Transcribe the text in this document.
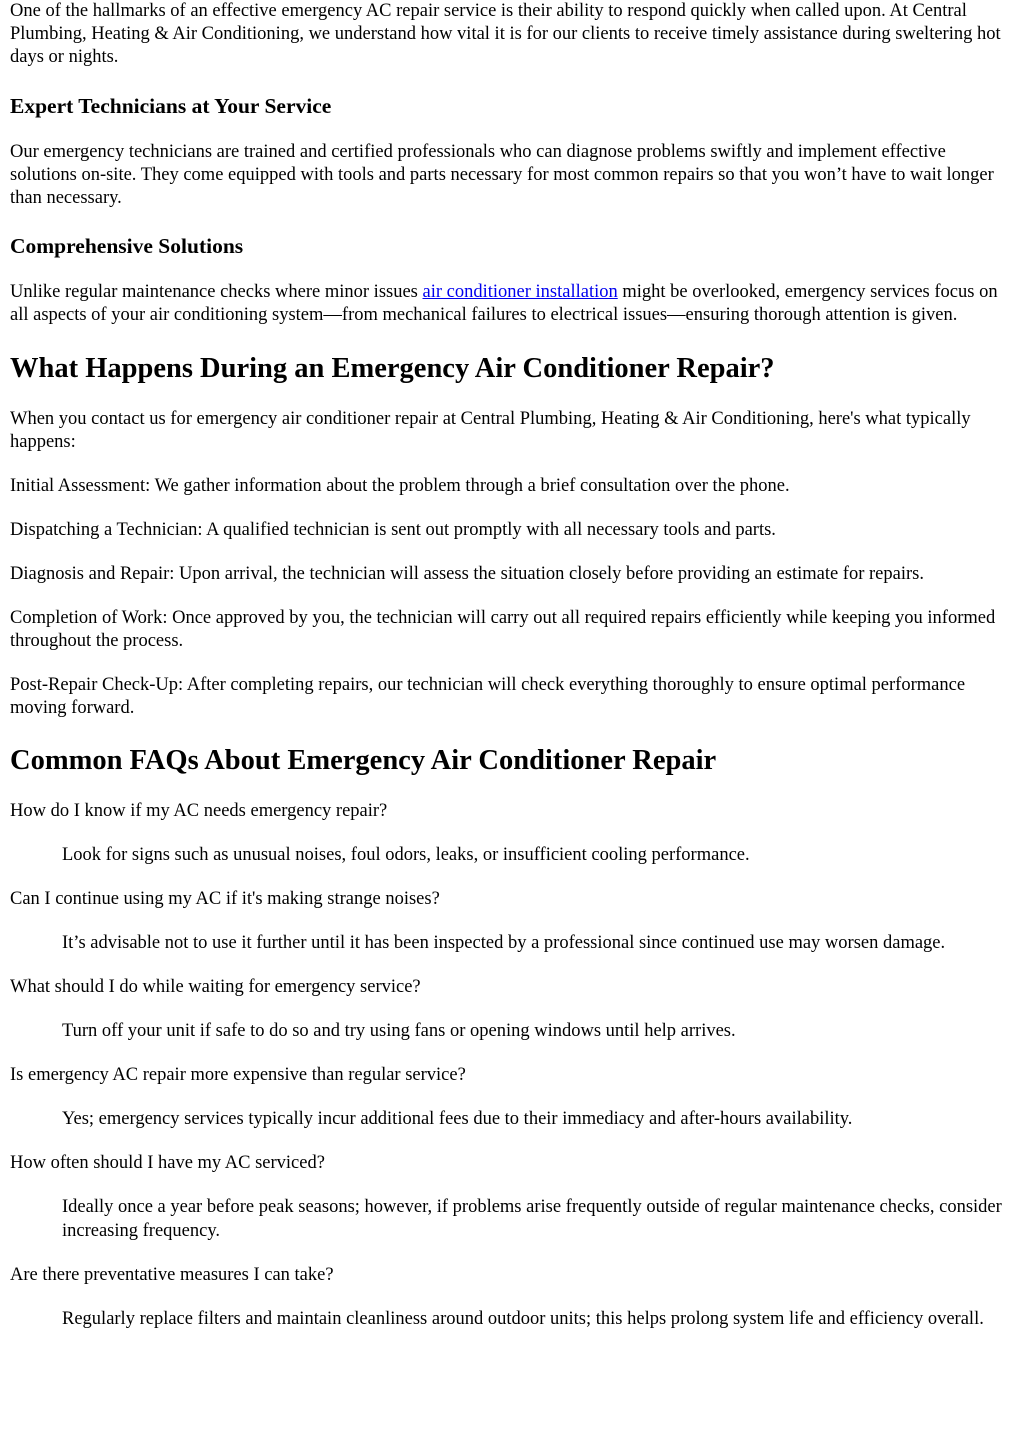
One of the hallmarks of an effective emergency AC repair service is their ability to respond quickly when called upon. At Central Plumbing, Heating & Air Conditioning, we understand how vital it is for our clients to receive timely assistance during sweltering hot days or nights.

Expert Technicians at Your Service

Our emergency technicians are trained and certified professionals who can diagnose problems swiftly and implement effective solutions on-site. They come equipped with tools and parts necessary for most common repairs so that you won’t have to wait longer than necessary.

Comprehensive Solutions

Unlike regular maintenance checks where minor issues air conditioner installation might be overlooked, emergency services focus on all aspects of your air conditioning system—from mechanical failures to electrical issues—ensuring thorough attention is given.

What Happens During an Emergency Air Conditioner Repair?

When you contact us for emergency air conditioner repair at Central Plumbing, Heating & Air Conditioning, here's what typically happens:

Initial Assessment: We gather information about the problem through a brief consultation over the phone.

Dispatching a Technician: A qualified technician is sent out promptly with all necessary tools and parts.

Diagnosis and Repair: Upon arrival, the technician will assess the situation closely before providing an estimate for repairs.

Completion of Work: Once approved by you, the technician will carry out all required repairs efficiently while keeping you informed throughout the process.

Post-Repair Check-Up: After completing repairs, our technician will check everything thoroughly to ensure optimal performance moving forward.

Common FAQs About Emergency Air Conditioner Repair
How do I know if my AC needs emergency repair?
Look for signs such as unusual noises, foul odors, leaks, or insufficient cooling performance.
Can I continue using my AC if it's making strange noises?
It’s advisable not to use it further until it has been inspected by a professional since continued use may worsen damage.
What should I do while waiting for emergency service?
Turn off your unit if safe to do so and try using fans or opening windows until help arrives.
Is emergency AC repair more expensive than regular service?
Yes; emergency services typically incur additional fees due to their immediacy and after-hours availability.
How often should I have my AC serviced?
Ideally once a year before peak seasons; however, if problems arise frequently outside of regular maintenance checks, consider increasing frequency.
Are there preventative measures I can take?
Regularly replace filters and maintain cleanliness around outdoor units; this helps prolong system life and efficiency overall.
